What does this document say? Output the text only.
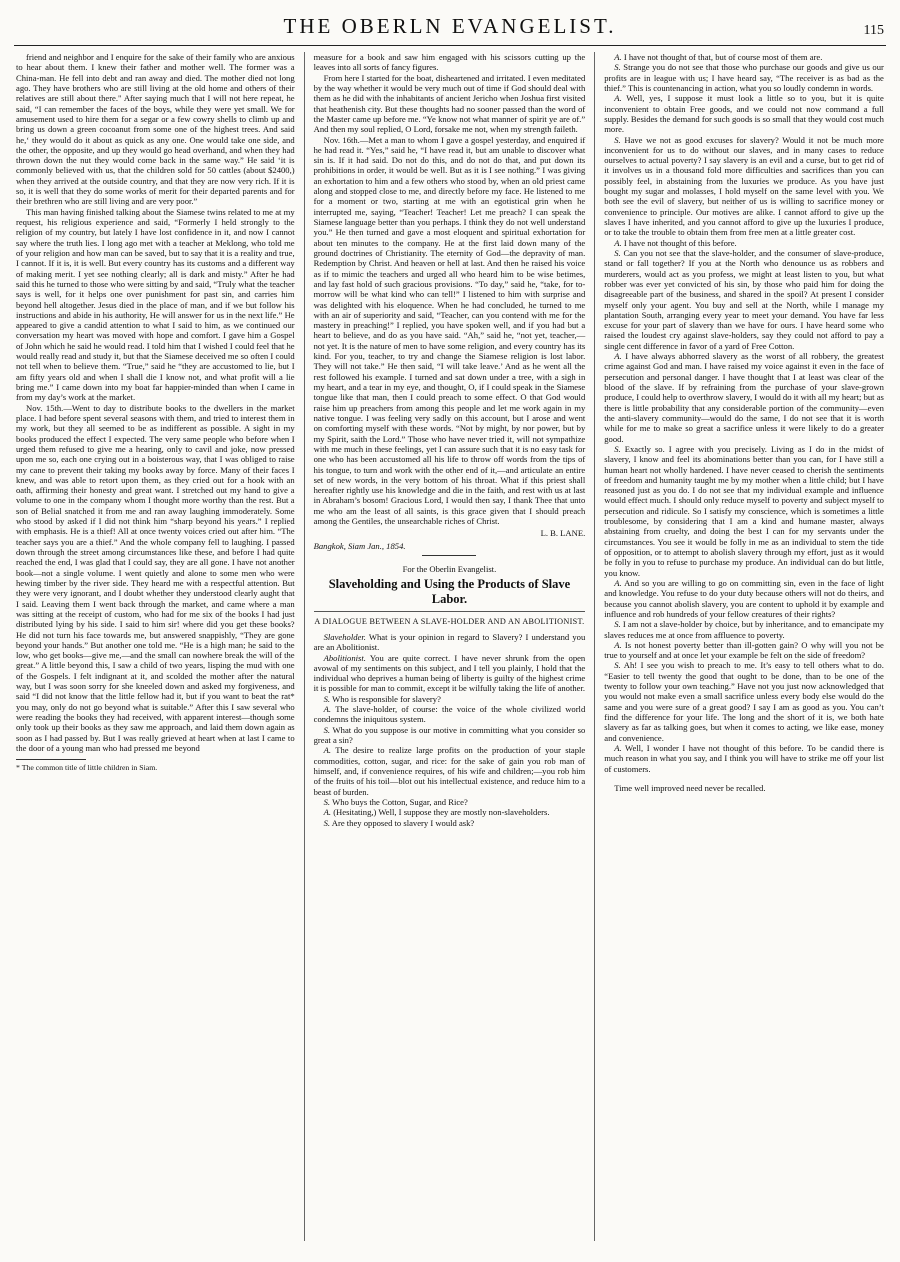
THE OBERLN EVANGELIST.	115

friend and neighbor and I enquire for the sake of their family who are anxious to hear about them. I knew their father and mother well. The former was a China-man. He fell into debt and ran away and died. The mother died not long ago. They have brothers who are still living at the old home and others of their relatives are still about there." After saying much that I will not here repeat, he said, “I can remember the faces of the boys, while they were yet small. We for amusement used to hire them for a segar or a few cowry shells to climb up and bring us down a green cocoanut from some one of the highest trees. And said he,‘ they would do it about as quick as any one. One would take one side, and the other, the opposite, and up they would go head overhand, and when they had thrown down the nut they would come back in the same way.” He said ‘it is commonly believed with us, that the children sold for 50 cattles (about $2400,) when they arrived at the outside country, and that they are now very rich. If it is so, it is well that they do some works of merit for their departed parents and for their brethren who are still living and are very poor.”

This man having finished talking about the Siamese twins related to me at my request, his religious experience and said, “Formerly I held strongly to the religion of my country, but lately I have lost confidence in it, and now I cannot say where the truth lies. I long ago met with a teacher at Meklong, who told me of your religion and how man can be saved, but to say that it is a reality and true, I cannot. If it is, it is well. But every country has its customs and a different way of making merit. I yet see nothing clearly; all is dark and misty.” After he had said this he turned to those who were sitting by and said, “Truly what the teacher says is well, for it helps one over punishment for past sin, and carries him beyond hell altogether. Jesus died in the place of man, and if we but follow his instructions and abide in his authority, He will answer for us in the next life.” He appeared to give a candid attention to what I said to him, as we continued our conversation my heart was moved with hope and comfort. I gave him a Gospel of John which he said he would read. I told him that I wished I could feel that he would really read and study it, but that the Siamese deceived me so often I could not tell when to believe them. “True,” said he “they are accustomed to lie, but I am fifty years old and when I shall die I know not, and what profit will a lie bring me.” I came down into my boat far happier-minded than when I came in from my day’s work at the market.

Nov. 15th.—Went to day to distribute books to the dwellers in the market place. I had before spent several seasons with them, and tried to interest them in my work, but they all seemed to be as indifferent as possible. A sight in my books produced the effect I expected. The very same people who before when I urged them refused to give me a hearing, only to cavil and joke, now pressed upon me so, each one crying out in a boisterous way, that I was obliged to raise my cane to prevent their taking my books away by force. Many of their faces I knew, and was able to retort upon them, as they cried out for a hook with an oath, affirming their honesty and great want. I stretched out my hand to give a volume to one in the company whom I thought more worthy than the rest. But a son of Belial snatched it from me and ran away laughing immoderately. Some who stood by asked if I did not think him “sharp beyond his years.” I replied with emphasis. He is a thief! All at once twenty voices cried out after him. “The teacher says you are a thief.” And the whole company fell to laughing. I passed down through the street among circumstances like these, and before I had quite reached the end, I was glad that I could say, they are all gone. I have not another book—not a single volume. I went quietly and alone to some men who were hewing timber by the river side. They heard me with a respectful attention. But they were very ignorant, and I doubt whether they understood clearly aught that I said. Leaving them I went back through the market, and came where a man was sitting at the receipt of custom, who had for me six of the books I had just distributed lying by his side. I said to him sir! where did you get these books? He did not turn his face towards me, but answered snappishly, “They are gone beyond your hands.” But another one told me. “He is a high man; he said to the low, who get books—give me,—and the small can nowhere break the will of the great.” A little beyond this, I saw a child of two years, lisping the mud with one of the Gospels. I felt indignant at it, and scolded the mother after the natural way, but I was soon sorry for she kneeled down and asked my forgiveness, and said “I did not know that the little fellow had it, but if you want to beat the rat* you may, only do not go beyond what is suitable.” After this I saw several who were reading the books they had received, with apparent interest—though some only took up their books as they saw me approach, and laid them down again as soon as I had passed by. But I was really grieved at heart when at last I came to the door of a young man who had pressed me beyond

* The common title of little children in Siam.

measure for a book and saw him engaged with his scissors cutting up the leaves into all sorts of fancy figures.

From here I started for the boat, disheartened and irritated. I even meditated by the way whether it would be very much out of time if God should deal with them as he did with the inhabitants of ancient Jericho when Joshua first visited that heathenish city. But these thoughts had no sooner passed than the word of the Master came up before me. “Ye know not what manner of spirit ye are of.” And then my soul replied, O Lord, forsake me not, when my strength faileth.

Nov. 16th.—Met a man to whom I gave a gospel yesterday, and enquired if he had read it. “Yes,” said he, “I have read it, but am unable to discover what sin is. If it had said. Do not do this, and do not do that, and put down its prohibitions in order, it would be well. But as it is I see nothing.” I was giving an exhortation to him and a few others who stood by, when an old priest came along and stopped close to me, and directly before my face. He listened to me for a moment or two, starting at me with an egotistical grin when he interrupted me, saying, “Teacher! Teacher! Let me preach? I can speak the Siamese language better than you perhaps. I think they do not well understand you.” He then turned and gave a most eloquent and spiritual exhortation for about ten minutes to the company. He at the first laid down many of the ground doctrines of Christianity. The eternity of God—the depravity of man. Redemption by Christ. And heaven or hell at last. And then he raised his voice as if to mimic the teachers and urged all who heard him to be wise betimes, and lay fast hold of such gracious provisions. “To day,” said he, “take, for to-morrow will be what kind who can tell!” I listened to him with surprise and was delighted with his eloquence. When he had concluded, he turned to me with an air of superiority and said, “Teacher, can you contend with me for the mastery in preaching!” I replied, you have spoken well, and if you had but a heart to believe, and do as you have said. “Ah,” said he, “not yet, teacher,—not yet. It is the nature of men to have some religion, and every country has its kind. For you, teacher, to try and change the Siamese religion is lost labor. They will not take.” He then said, “I will take leave.’ And as he went all the rest followed his example. I turned and sat down under a tree, with a sigh in my heart, and a tear in my eye, and thought, O, if I could speak in the Siamese tongue like that man, then I could preach to some effect. O that God would raise him up preachers from among this people and let me work again in my native tongue. I was feeling very sadly on this account, but I arose and went on comforting myself with these words. “Not by might, by nor power, but by my Spirit, saith the Lord.” Those who have never tried it, will not sympathize with me much in these feelings, yet I can assure such that it is no easy task for one who has been accustomed all his life to throw off words from the tips of his tongue, to turn and work with the other end of it,—and articulate an entire set of new words, in the very bottom of his throat. What if this priest shall hereafter rightly use his knowledge and die in the faith, and rest with us at last in Abraham’s bosom! Gracious Lord, I would then say, I thank Thee that unto me who am the least of all saints, is this grace given that I should preach among the Gentiles, the unsearchable riches of Christ.

L. B. LANE.

Bangkok, Siam Jan., 1854.

For the Oberlin Evangelist.

Slaveholding and Using the Products of Slave Labor.

A DIALOGUE BETWEEN A SLAVE-HOLDER AND AN ABOLITIONIST.

Slaveholder. What is your opinion in regard to Slavery? I understand you are an Abolitionist.

Abolitionist. You are quite correct. I have never shrunk from the open avowal of my sentiments on this subject, and I tell you plainly, I hold that the individual who deprives a human being of liberty is guilty of the highest crime it is possible for man to commit, except it be wilfully taking the life of another.

S. Who is responsible for slavery?

A. The slave-holder, of course: the voice of the whole civilized world condemns the iniquitous system.

S. What do you suppose is our motive in committing what you consider so great a sin?

A. The desire to realize large profits on the production of your staple commodities, cotton, sugar, and rice: for the sake of gain you rob man of himself, and, if convenience requires, of his wife and children;—you rob him of the fruits of his toil—blot out his intellectual existence, and reduce him to a beast of burden.

S. Who buys the Cotton, Sugar, and Rice?

A. (Hesitating,) Well, I suppose they are mostly non-slaveholders.

S. Are they opposed to slavery I would ask?

A. I have not thought of that, but of course most of them are.

S. Strange you do not see that those who purchase our goods and give us our profits are in league with us; I have heard say, “The receiver is as bad as the thief.” This is countenancing in action, what you so loudly condemn in words.

A. Well, yes, I suppose it must look a little so to you, but it is quite inconvenient to obtain Free goods, and we could not now command a full supply. Besides the demand for such goods is so small that they would cost much more.

S. Have we not as good excuses for slavery? Would it not be much more inconvenient for us to do without our slaves, and in many cases to reduce ourselves to actual poverty? I say slavery is an evil and a curse, but to get rid of it involves us in a thousand fold more difficulties and sacrifices than you can possibly feel, in abstaining from the luxuries we produce. As you have just bought my sugar and molasses, I hold myself on the same level with you. We both see the evil of slavery, but neither of us is willing to sacrifice money or convenience to principle. Our motives are alike. I cannot afford to give up the slaves I have inherited, and you cannot afford to give up the luxuries I produce, or to take the trouble to obtain them from free men at a little greater cost.

A. I have not thought of this before.

S. Can you not see that the slave-holder, and the consumer of slave-produce, stand or fall together? If you at the North who denounce us as robbers and murderers, would act as you profess, we might at least listen to you, but what robber was ever yet convicted of his sin, by those who paid him for doing the disagreeable part of the business, and shared in the spoil? At present I consider myself only your agent. You buy and sell at the North, while I manage my plantation South, arranging every year to meet your demand. You have far less excuse for your part of slavery than we have for ours. I have heard some who raised the loudest cry against slave-holders, say they could not afford to pay a single cent difference in favor of a yard of Free Cotton.

A. I have always abhorred slavery as the worst of all robbery, the greatest crime against God and man. I have raised my voice against it even in the face of persecution and personal danger. I have thought that I at least was clear of the blood of the slave. If by refraining from the purchase of your slave-grown produce, I could help to overthrow slavery, I would do it with all my heart; but as there is little probability that any considerable portion of the community—even the anti-slavery community—would do the same, I do not see that it is worth while for me to make so great a sacrifice unless it were likely to do a greater good.

S. Exactly so. I agree with you precisely. Living as I do in the midst of slavery, I know and feel its abominations better than you can, for I have still a human heart not wholly hardened. I have never ceased to cherish the sentiments of freedom and humanity taught me by my mother when a little child; but I have reasoned just as you do. I do not see that my individual example and influence would effect much. I should only reduce myself to poverty and subject myself to persecution and ridicule. So I satisfy my conscience, which is sometimes a little troublesome, by considering that I am a kind and humane master, always abstaining from cruelty, and doing the best I can for my servants under the circumstances. You see it would be folly in me as an individual to stem the tide of opposition, or to attempt to abolish slavery through my effort, just as it would be folly in you to refuse to purchase my produce. An individual can do but little, you know.

A. And so you are willing to go on committing sin, even in the face of light and knowledge. You refuse to do your duty because others will not do theirs, and because you cannot abolish slavery, you are content to uphold it by example and influence and rob hundreds of your fellow creatures of their rights?

S. I am not a slave-holder by choice, but by inheritance, and to emancipate my slaves reduces me at once from affluence to poverty.

A. Is not honest poverty better than ill-gotten gain? O why will you not be true to yourself and at once let your example be felt on the side of freedom?

S. Ah! I see you wish to preach to me. It’s easy to tell others what to do. “Easier to tell twenty the good that ought to be done, than to be one of the twenty to follow your own teaching.” Have not you just now acknowledged that you would not make even a small sacrifice unless every body else would do the same and you were sure of a great good? I say I am as good as you. You can’t find the difference for your life. The long and the short of it is, we both hate slavery as far as talking goes, but when it comes to acting, we like ease, money and convenience.

A. Well, I wonder I have not thought of this before. To be candid there is much reason in what you say, and I think you will have to strike me off your list of customers.

Time well improved need never be recalled.
